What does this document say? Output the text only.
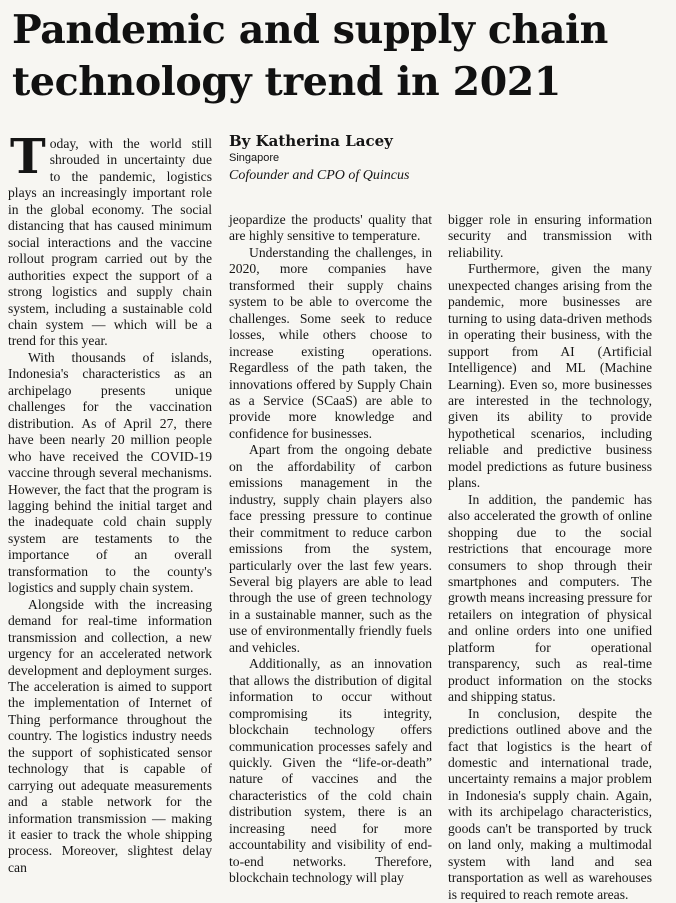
Pandemic and supply chain technology trend in 2021

By Katherina Lacey

Singapore

Cofounder and CPO of Quincus

Today, with the world still shrouded in uncertainty due to the pandemic, logistics plays an increasingly important role in the global economy. The social distancing that has caused minimum social interactions and the vaccine rollout program carried out by the authorities expect the support of a strong logistics and supply chain system, including a sustainable cold chain system — which will be a trend for this year.

With thousands of islands, Indonesia's characteristics as an archipelago presents unique challenges for the vaccination distribution. As of April 27, there have been nearly 20 million people who have received the COVID-19 vaccine through several mechanisms. However, the fact that the program is lagging behind the initial target and the inadequate cold chain supply system are testaments to the importance of an overall transformation to the county's logistics and supply chain system.

Alongside with the increasing demand for real-time information transmission and collection, a new urgency for an accelerated network development and deployment surges. The acceleration is aimed to support the implementation of Internet of Thing performance throughout the country. The logistics industry needs the support of sophisticated sensor technology that is capable of carrying out adequate measurements and a stable network for the information transmission — making it easier to track the whole shipping process. Moreover, slightest delay can

jeopardize the products' quality that are highly sensitive to temperature.

Understanding the challenges, in 2020, more companies have transformed their supply chains system to be able to overcome the challenges. Some seek to reduce losses, while others choose to increase existing operations. Regardless of the path taken, the innovations offered by Supply Chain as a Service (SCaaS) are able to provide more knowledge and confidence for businesses.

Apart from the ongoing debate on the affordability of carbon emissions management in the industry, supply chain players also face pressing pressure to continue their commitment to reduce carbon emissions from the system, particularly over the last few years. Several big players are able to lead through the use of green technology in a sustainable manner, such as the use of environmentally friendly fuels and vehicles.

Additionally, as an innovation that allows the distribution of digital information to occur without compromising its integrity, blockchain technology offers communication processes safely and quickly. Given the “life-or-death” nature of vaccines and the characteristics of the cold chain distribution system, there is an increasing need for more accountability and visibility of end-to-end networks. Therefore, blockchain technology will play

bigger role in ensuring information security and transmission with reliability.

Furthermore, given the many unexpected changes arising from the pandemic, more businesses are turning to using data-driven methods in operating their business, with the support from AI (Artificial Intelligence) and ML (Machine Learning). Even so, more businesses are interested in the technology, given its ability to provide hypothetical scenarios, including reliable and predictive business model predictions as future business plans.

In addition, the pandemic has also accelerated the growth of online shopping due to the social restrictions that encourage more consumers to shop through their smartphones and computers. The growth means increasing pressure for retailers on integration of physical and online orders into one unified platform for operational transparency, such as real-time product information on the stocks and shipping status.

In conclusion, despite the predictions outlined above and the fact that logistics is the heart of domestic and international trade, uncertainty remains a major problem in Indonesia's supply chain. Again, with its archipelago characteristics, goods can't be transported by truck on land only, making a multimodal system with land and sea transportation as well as warehouses is required to reach remote areas.
